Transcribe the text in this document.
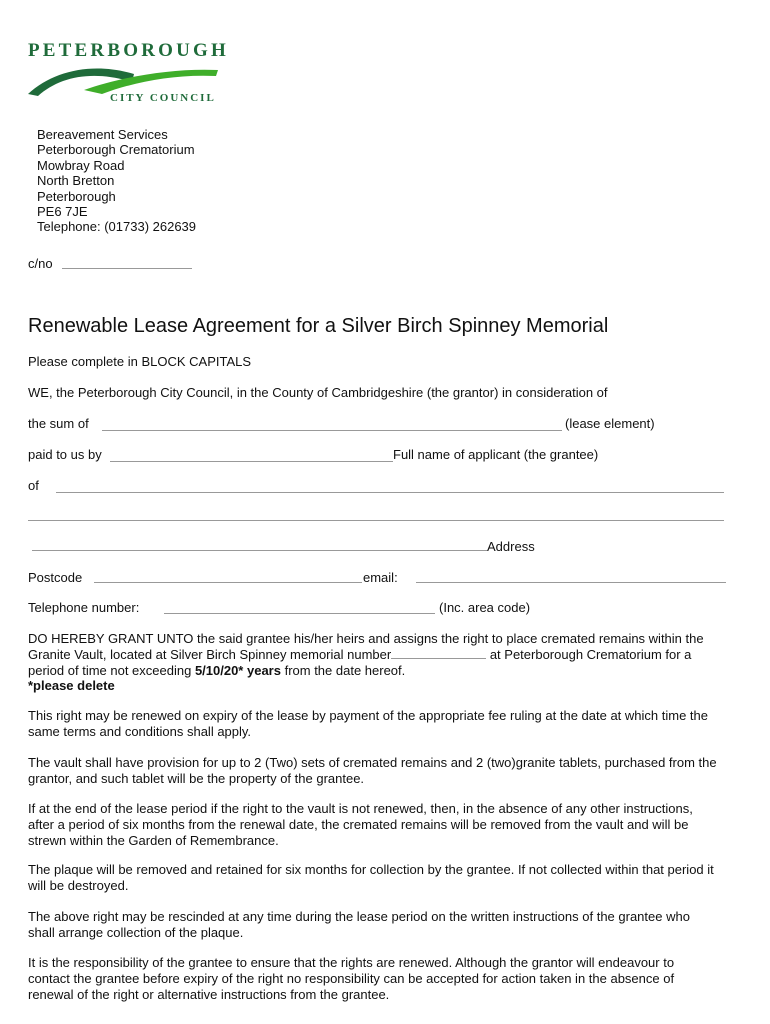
PETERBOROUGH
CITY COUNCIL
Bereavement Services
Peterborough Crematorium
Mowbray Road
North Bretton
Peterborough
PE6 7JE
Telephone: (01733) 262639
c/no
Renewable Lease Agreement for a Silver Birch Spinney Memorial
Please complete in BLOCK CAPITALS
WE, the Peterborough City Council, in the County of Cambridgeshire (the grantor) in consideration of
the sum of	(lease element)
paid to us by	Full name of applicant (the grantee)
of
Address
Postcode	email:
Telephone number:	(Inc. area code)
DO HEREBY GRANT UNTO the said grantee his/her heirs and assigns the right to place cremated remains within the Granite Vault, located at Silver Birch Spinney memorial number	at Peterborough Crematorium for a period of time not exceeding 5/10/20* years from the date hereof.
*please delete
This right may be renewed on expiry of the lease by payment of the appropriate fee ruling at the date at which time the same terms and conditions shall apply.
The vault shall have provision for up to 2 (Two) sets of cremated remains and 2 (two)granite tablets, purchased from the grantor, and such tablet will be the property of the grantee.
If at the end of the lease period if the right to the vault is not renewed, then, in the absence of any other instructions, after a period of six months from the renewal date, the cremated remains will be removed from the vault and will be strewn within the Garden of Remembrance.
The plaque will be removed and retained for six months for collection by the grantee. If not collected within that period it will be destroyed.
The above right may be rescinded at any time during the lease period on the written instructions of the grantee who shall arrange collection of the plaque.
It is the responsibility of the grantee to ensure that the rights are renewed. Although the grantor will endeavour to contact the grantee before expiry of the right no responsibility can be accepted for action taken in the absence of renewal of the right or alternative instructions from the grantee.
